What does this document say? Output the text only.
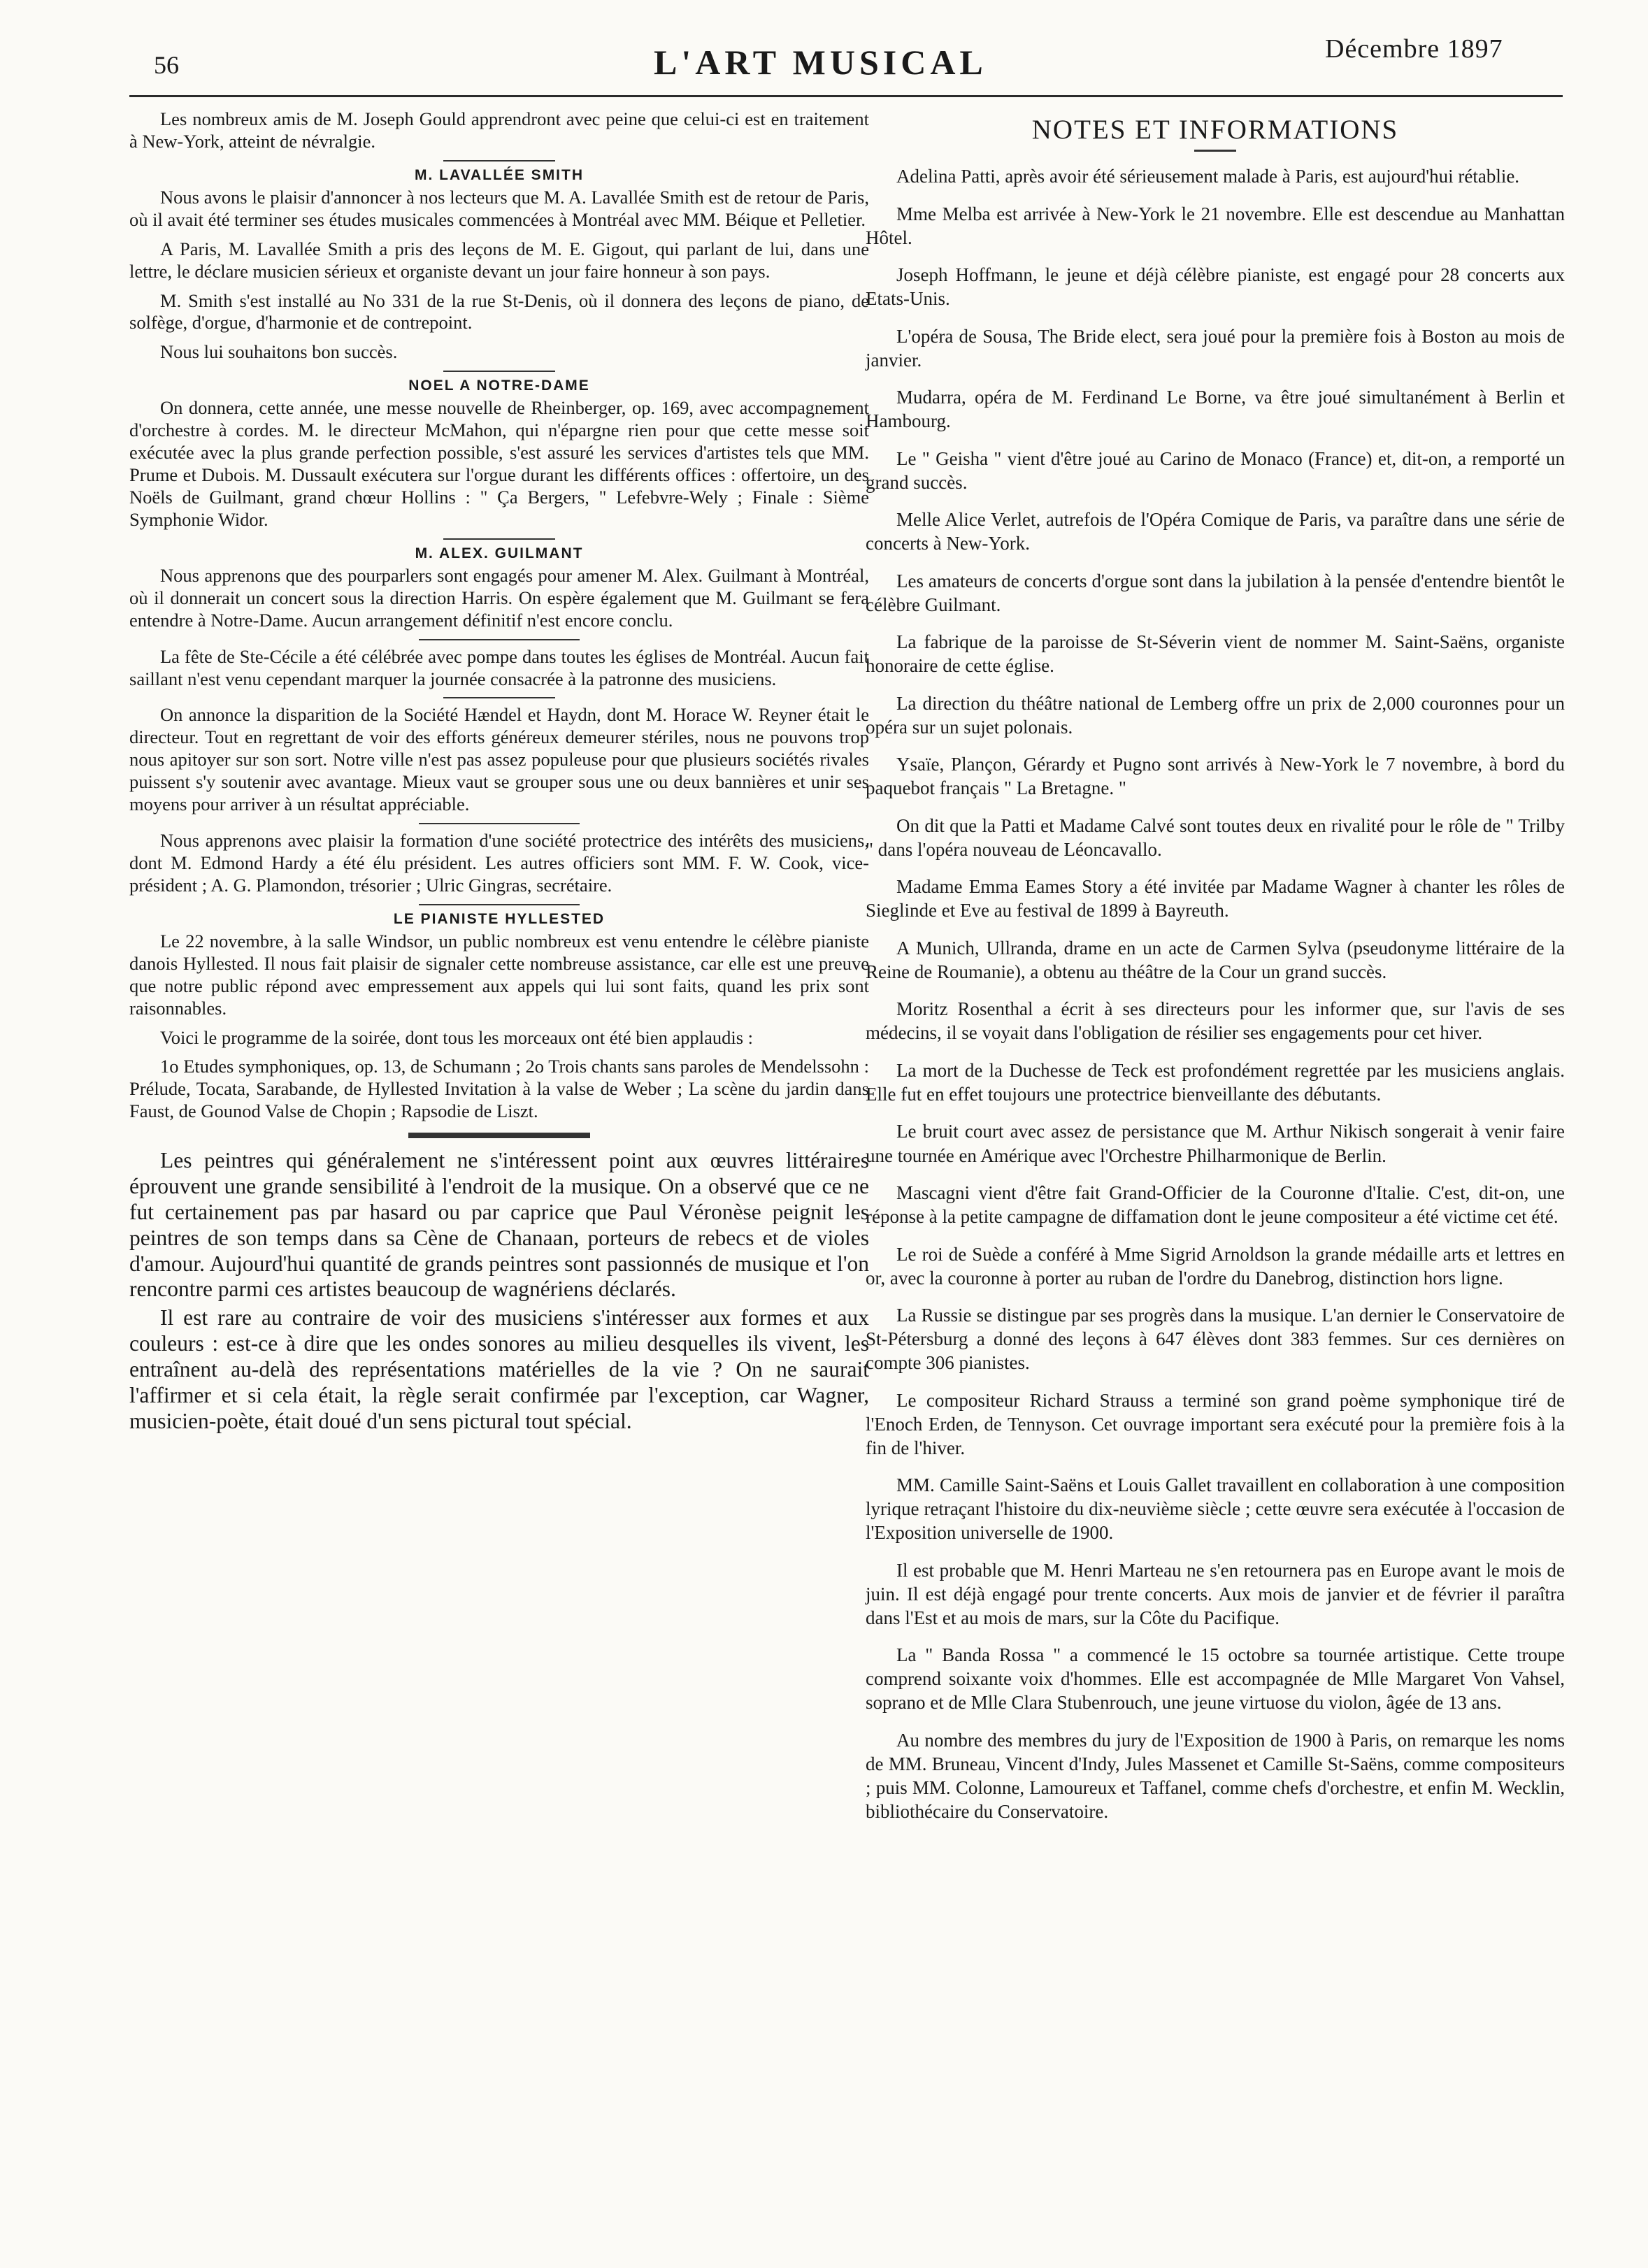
56	L'ART MUSICAL	Décembre 1897

Les nombreux amis de M. Joseph Gould apprendront avec peine que celui-ci est en traitement à New-York, atteint de névralgie.

M. LAVALLÉE SMITH

Nous avons le plaisir d'annoncer à nos lecteurs que M. A. Lavallée Smith est de retour de Paris, où il avait été terminer ses études musicales commencées à Montréal avec MM. Béique et Pelletier.

A Paris, M. Lavallée Smith a pris des leçons de M. E. Gigout, qui parlant de lui, dans une lettre, le déclare musicien sérieux et organiste devant un jour faire honneur à son pays.

M. Smith s'est installé au No 331 de la rue St-Denis, où il donnera des leçons de piano, de solfège, d'orgue, d'harmonie et de contrepoint.

Nous lui souhaitons bon succès.

NOEL A NOTRE-DAME

On donnera, cette année, une messe nouvelle de Rheinberger, op. 169, avec accompagnement d'orchestre à cordes. M. le directeur McMahon, qui n'épargne rien pour que cette messe soit exécutée avec la plus grande perfection possible, s'est assuré les services d'artistes tels que MM. Prume et Dubois. M. Dussault exécutera sur l'orgue durant les différents offices : offertoire, un des Noëls de Guilmant, grand chœur Hollins : " Ça Bergers, " Lefebvre-Wely ; Finale : Sième Symphonie Widor.

M. ALEX. GUILMANT

Nous apprenons que des pourparlers sont engagés pour amener M. Alex. Guilmant à Montréal, où il donnerait un concert sous la direction Harris. On espère également que M. Guilmant se fera entendre à Notre-Dame. Aucun arrangement définitif n'est encore conclu.

La fête de Ste-Cécile a été célébrée avec pompe dans toutes les églises de Montréal. Aucun fait saillant n'est venu cependant marquer la journée consacrée à la patronne des musiciens.

On annonce la disparition de la Société Hændel et Haydn, dont M. Horace W. Reyner était le directeur. Tout en regrettant de voir des efforts généreux demeurer stériles, nous ne pouvons trop nous apitoyer sur son sort. Notre ville n'est pas assez populeuse pour que plusieurs sociétés rivales puissent s'y soutenir avec avantage. Mieux vaut se grouper sous une ou deux bannières et unir ses moyens pour arriver à un résultat appréciable.

Nous apprenons avec plaisir la formation d'une société protectrice des intérêts des musiciens, dont M. Edmond Hardy a été élu président. Les autres officiers sont MM. F. W. Cook, vice-président ; A. G. Plamondon, trésorier ; Ulric Gingras, secrétaire.

LE PIANISTE HYLLESTED

Le 22 novembre, à la salle Windsor, un public nombreux est venu entendre le célèbre pianiste danois Hyllested. Il nous fait plaisir de signaler cette nombreuse assistance, car elle est une preuve que notre public répond avec empressement aux appels qui lui sont faits, quand les prix sont raisonnables.

Voici le programme de la soirée, dont tous les morceaux ont été bien applaudis :

1o Etudes symphoniques, op. 13, de Schumann ; 2o Trois chants sans paroles de Mendelssohn : Prélude, Tocata, Sarabande, de Hyllested Invitation à la valse de Weber ; La scène du jardin dans Faust, de Gounod Valse de Chopin ; Rapsodie de Liszt.

Les peintres qui généralement ne s'intéressent point aux œuvres littéraires éprouvent une grande sensibilité à l'endroit de la musique. On a observé que ce ne fut certainement pas par hasard ou par caprice que Paul Véronèse peignit les peintres de son temps dans sa Cène de Chanaan, porteurs de rebecs et de violes d'amour. Aujourd'hui quantité de grands peintres sont passionnés de musique et l'on rencontre parmi ces artistes beaucoup de wagnériens déclarés.

Il est rare au contraire de voir des musiciens s'intéresser aux formes et aux couleurs : est-ce à dire que les ondes sonores au milieu desquelles ils vivent, les entraînent au-delà des représentations matérielles de la vie ? On ne saurait l'affirmer et si cela était, la règle serait confirmée par l'exception, car Wagner, musicien-poète, était doué d'un sens pictural tout spécial.

NOTES ET INFORMATIONS

Adelina Patti, après avoir été sérieusement malade à Paris, est aujourd'hui rétablie.

Mme Melba est arrivée à New-York le 21 novembre. Elle est descendue au Manhattan Hôtel.

Joseph Hoffmann, le jeune et déjà célèbre pianiste, est engagé pour 28 concerts aux Etats-Unis.

L'opéra de Sousa, The Bride elect, sera joué pour la première fois à Boston au mois de janvier.

Mudarra, opéra de M. Ferdinand Le Borne, va être joué simultanément à Berlin et Hambourg.

Le " Geisha " vient d'être joué au Carino de Monaco (France) et, dit-on, a remporté un grand succès.

Melle Alice Verlet, autrefois de l'Opéra Comique de Paris, va paraître dans une série de concerts à New-York.

Les amateurs de concerts d'orgue sont dans la jubilation à la pensée d'entendre bientôt le célèbre Guilmant.

La fabrique de la paroisse de St-Séverin vient de nommer M. Saint-Saëns, organiste honoraire de cette église.

La direction du théâtre national de Lemberg offre un prix de 2,000 couronnes pour un opéra sur un sujet polonais.

Ysaïe, Plançon, Gérardy et Pugno sont arrivés à New-York le 7 novembre, à bord du paquebot français " La Bretagne. "

On dit que la Patti et Madame Calvé sont toutes deux en rivalité pour le rôle de " Trilby " dans l'opéra nouveau de Léoncavallo.

Madame Emma Eames Story a été invitée par Madame Wagner à chanter les rôles de Sieglinde et Eve au festival de 1899 à Bayreuth.

A Munich, Ullranda, drame en un acte de Carmen Sylva (pseudonyme littéraire de la Reine de Roumanie), a obtenu au théâtre de la Cour un grand succès.

Moritz Rosenthal a écrit à ses directeurs pour les informer que, sur l'avis de ses médecins, il se voyait dans l'obligation de résilier ses engagements pour cet hiver.

La mort de la Duchesse de Teck est profondément regrettée par les musiciens anglais. Elle fut en effet toujours une protectrice bienveillante des débutants.

Le bruit court avec assez de persistance que M. Arthur Nikisch songerait à venir faire une tournée en Amérique avec l'Orchestre Philharmonique de Berlin.

Mascagni vient d'être fait Grand-Officier de la Couronne d'Italie. C'est, dit-on, une réponse à la petite campagne de diffamation dont le jeune compositeur a été victime cet été.

Le roi de Suède a conféré à Mme Sigrid Arnoldson la grande médaille arts et lettres en or, avec la couronne à porter au ruban de l'ordre du Danebrog, distinction hors ligne.

La Russie se distingue par ses progrès dans la musique. L'an dernier le Conservatoire de St-Pétersburg a donné des leçons à 647 élèves dont 383 femmes. Sur ces dernières on compte 306 pianistes.

Le compositeur Richard Strauss a terminé son grand poème symphonique tiré de l'Enoch Erden, de Tennyson. Cet ouvrage important sera exécuté pour la première fois à la fin de l'hiver.

MM. Camille Saint-Saëns et Louis Gallet travaillent en collaboration à une composition lyrique retraçant l'histoire du dix-neuvième siècle ; cette œuvre sera exécutée à l'occasion de l'Exposition universelle de 1900.

Il est probable que M. Henri Marteau ne s'en retournera pas en Europe avant le mois de juin. Il est déjà engagé pour trente concerts. Aux mois de janvier et de février il paraîtra dans l'Est et au mois de mars, sur la Côte du Pacifique.

La " Banda Rossa " a commencé le 15 octobre sa tournée artistique. Cette troupe comprend soixante voix d'hommes. Elle est accompagnée de Mlle Margaret Von Vahsel, soprano et de Mlle Clara Stubenrouch, une jeune virtuose du violon, âgée de 13 ans.

Au nombre des membres du jury de l'Exposition de 1900 à Paris, on remarque les noms de MM. Bruneau, Vincent d'Indy, Jules Massenet et Camille St-Saëns, comme compositeurs ; puis MM. Colonne, Lamoureux et Taffanel, comme chefs d'orchestre, et enfin M. Wecklin, bibliothécaire du Conservatoire.
